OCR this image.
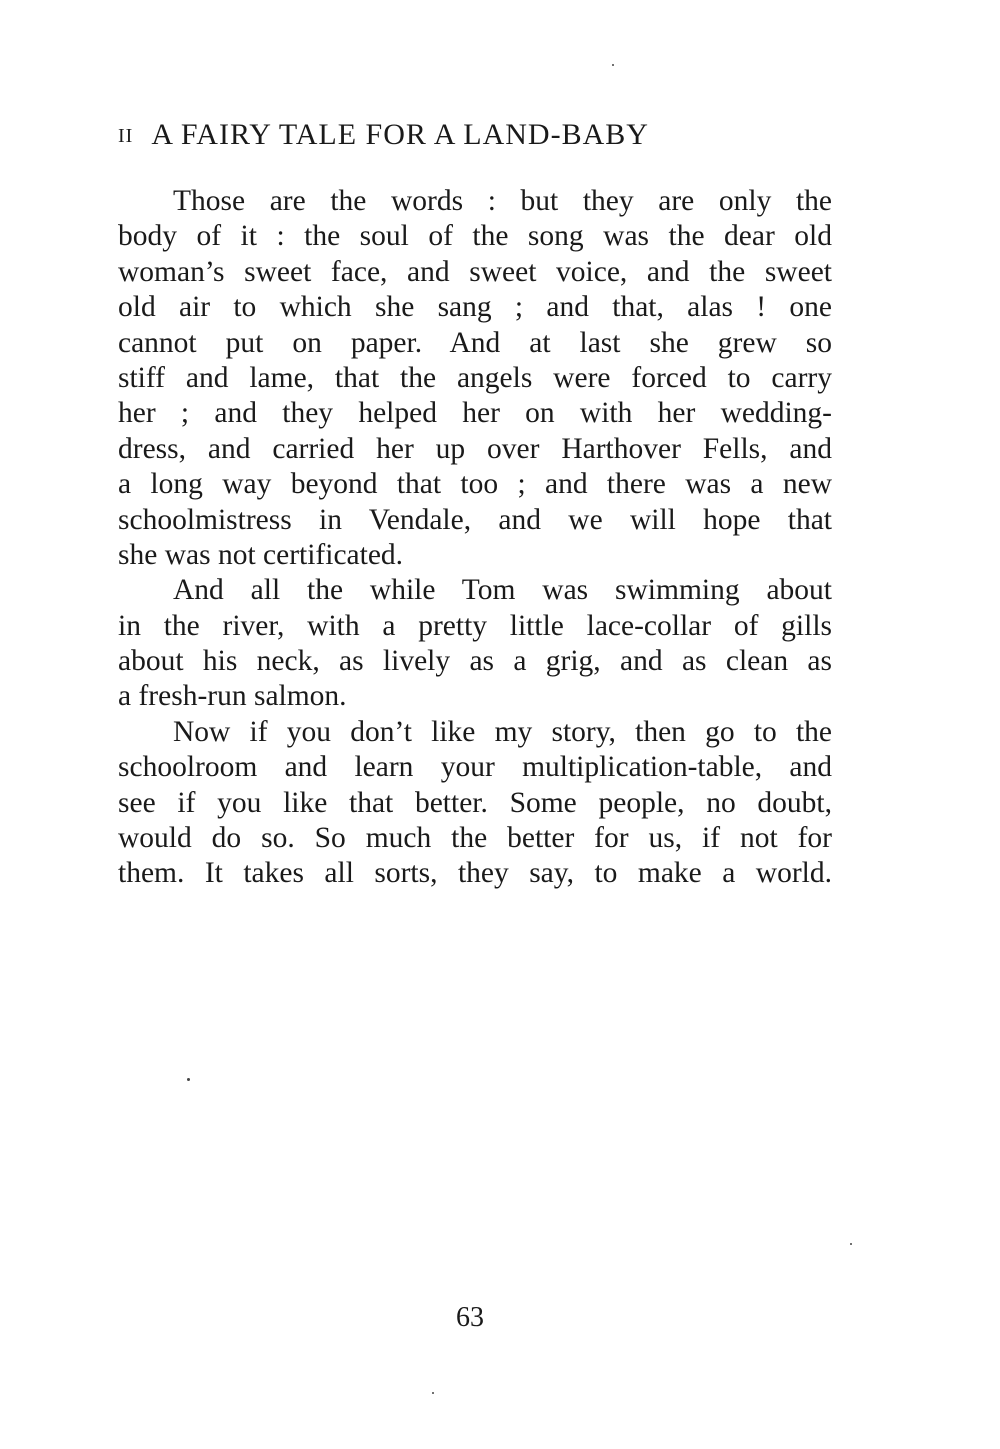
II A FAIRY TALE FOR A LAND-BABY
Those are the words : but they are only the
body of it : the soul of the song was the dear old
woman’s sweet face, and sweet voice, and the sweet
old air to which she sang ; and that, alas ! one
cannot put on paper. And at last she grew so
stiff and lame, that the angels were forced to carry
her ; and they helped her on with her wedding-
dress, and carried her up over Harthover Fells, and
a long way beyond that too ; and there was a new
schoolmistress in Vendale, and we will hope that
she was not certificated.
And all the while Tom was swimming about
in the river, with a pretty little lace-collar of gills
about his neck, as lively as a grig, and as clean as
a fresh-run salmon.
Now if you don’t like my story, then go to the
schoolroom and learn your multiplication-table, and
see if you like that better. Some people, no doubt,
would do so. So much the better for us, if not for
them. It takes all sorts, they say, to make a world.
63
